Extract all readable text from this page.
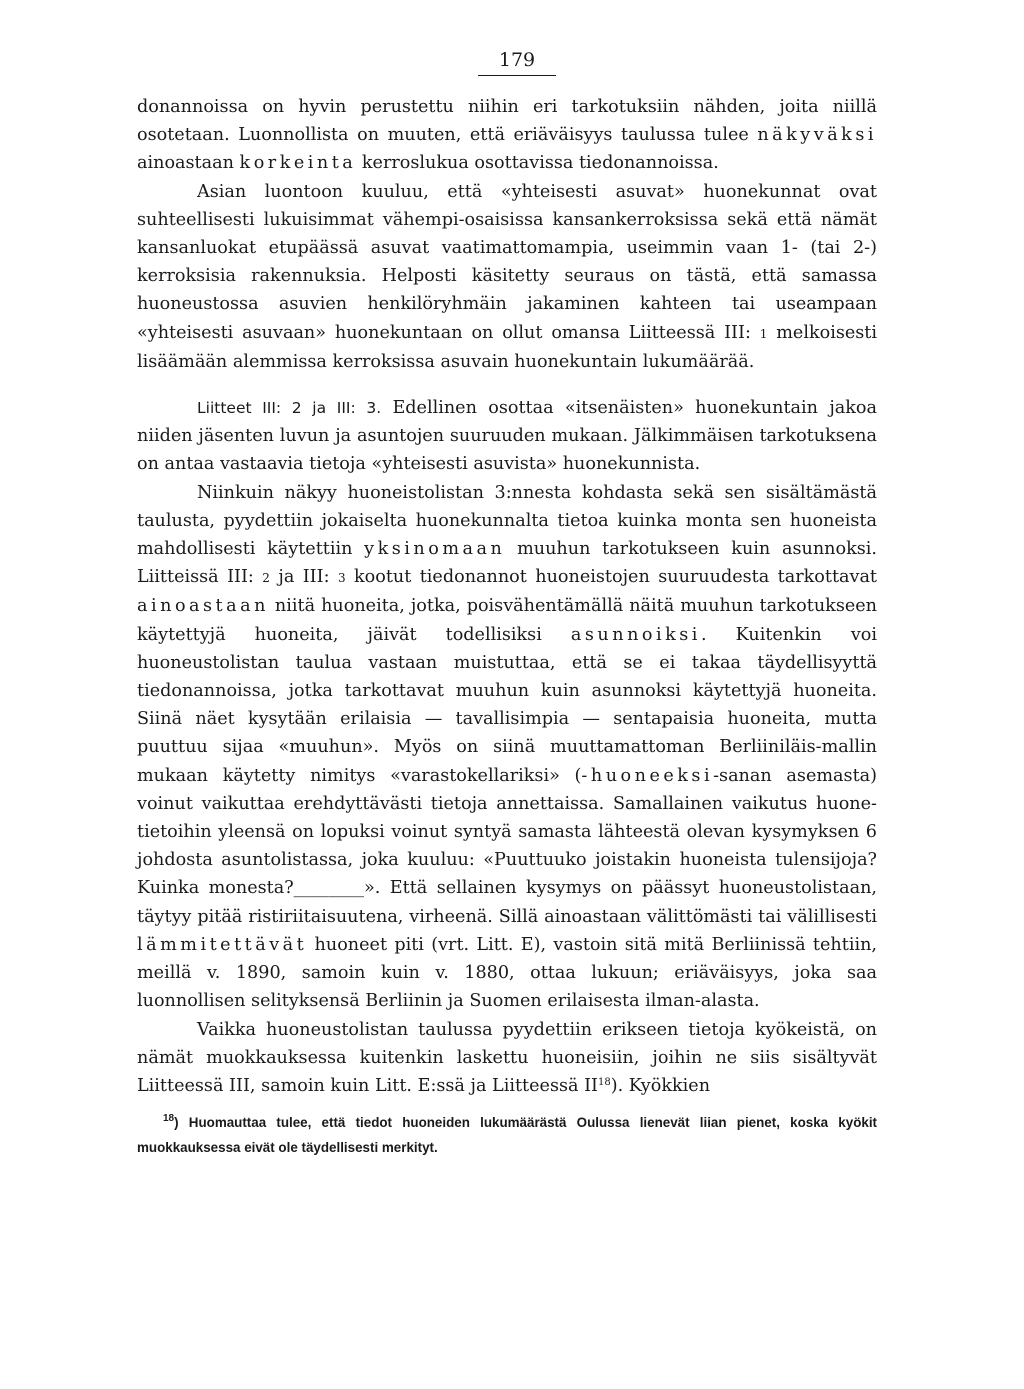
179

donannoissa on hyvin perustettu niihin eri tarkotuksiin nähden, joita niillä osotetaan. Luonnollista on muuten, että eriäväisyys taulussa tulee näkyväksi ainoastaan korkeinta kerroslukua osottavissa tiedonannoissa.

Asian luontoon kuuluu, että «yhteisesti asuvat» huonekunnat ovat suhteellisesti lukuisimmat vähempi-osaisissa kansankerroksissa sekä että nämät kansanluokat etupäässä asuvat vaatimattomampia, useimmin vaan 1- (tai 2-) kerroksisia rakennuksia. Helposti käsitetty seuraus on tästä, että samassa huoneustossa asuvien henkilöryhmäin jakaminen kahteen tai useampaan «yhteisesti asuvaan» huonekuntaan on ollut omansa Liitteessä III: 1 melkoisesti lisäämään alemmissa kerroksissa asuvain huonekuntain lukumäärää.

Liitteet III: 2 ja III: 3. Edellinen osottaa «itsenäisten» huonekuntain jakoa niiden jäsenten luvun ja asuntojen suuruuden mukaan. Jälkimmäisen tarkotuksena on antaa vastaavia tietoja «yhteisesti asuvista» huonekunnista.

Niinkuin näkyy huoneistolistan 3:nnesta kohdasta sekä sen sisältämästä taulusta, pyydettiin jokaiselta huonekunnalta tietoa kuinka monta sen huoneista mahdollisesti käytettiin yksinomaan muuhun tarkotukseen kuin asunnoksi. Liitteissä III: 2 ja III: 3 kootut tiedonannot huoneistojen suuruudesta tarkottavat ainoastaan niitä huoneita, jotka, poisvähentämällä näitä muuhun tarkotukseen käytettyjä huoneita, jäivät todellisiksi asunnoiksi. Kuitenkin voi huoneustolistan taulua vastaan muistuttaa, että se ei takaa täydellisyyttä tiedonannoissa, jotka tarkottavat muuhun kuin asunnoksi käytettyjä huoneita. Siinä näet kysytään erilaisia — tavallisimpia — sentapaisia huoneita, mutta puuttuu sijaa «muuhun». Myös on siinä muuttamattoman Berliiniläis-mallin mukaan käytetty nimitys «varastokellariksi» (-huoneeksi-sanan asemasta) voinut vaikuttaa erehdyttävästi tietoja annettaissa. Samallainen vaikutus huone-tietoihin yleensä on lopuksi voinut syntyä samasta lähteestä olevan kysymyksen 6 johdosta asuntolistassa, joka kuuluu: «Puuttuuko joistakin huoneista tulensijoja? Kuinka monesta?________». Että sellainen kysymys on päässyt huoneustolistaan, täytyy pitää ristiriitaisuutena, virheenä. Sillä ainoastaan välittömästi tai välillisesti lämmitettävät huoneet piti (vrt. Litt. E), vastoin sitä mitä Berliinissä tehtiin, meillä v. 1890, samoin kuin v. 1880, ottaa lukuun; eriäväisyys, joka saa luonnollisen selityksensä Berliinin ja Suomen erilaisesta ilman-alasta.

Vaikka huoneustolistan taulussa pyydettiin erikseen tietoja kyökeistä, on nämät muokkauksessa kuitenkin laskettu huoneisiin, joihin ne siis sisältyvät Liitteessä III, samoin kuin Litt. E:ssä ja Liitteessä II$^{18}$). Kyökkien

$^{18}$) Huomauttaa tulee, että tiedot huoneiden lukumäärästä Oulussa lienevät liian pienet, koska kyökit muokkauksessa eivät ole täydellisesti merkityt.
